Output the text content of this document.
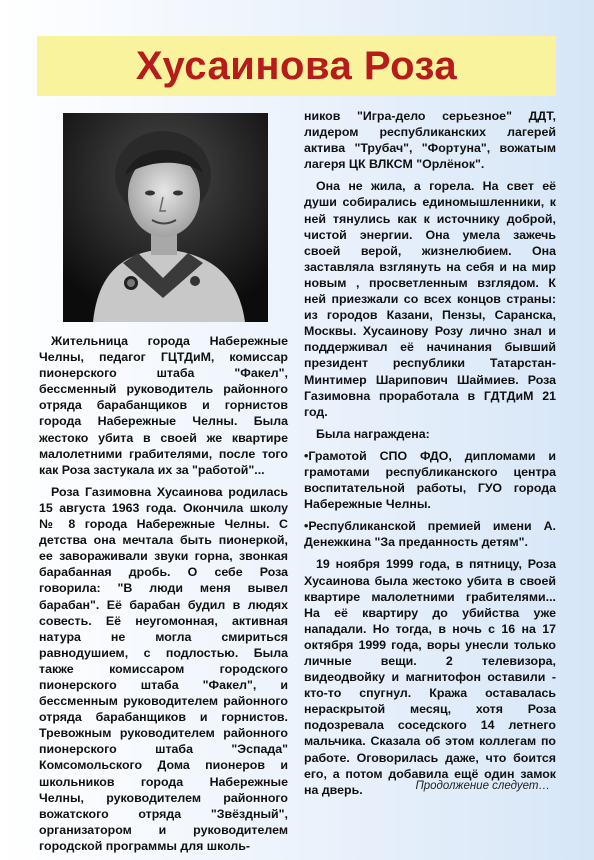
Хусаинова Роза

Жительница города Набережные Челны, педагог ГЦТДиМ, комиссар пионерского штаба "Факел", бессменный руководитель районного отряда барабанщиков и горнистов города Набережные Челны. Была жестоко убита в своей же квартире малолетними грабителями, после того как Роза застукала их за "работой"...

Роза Газимовна Хусаинова родилась 15 августа 1963 года. Окончила школу № 8 города Набережные Челны. С детства она мечтала быть пионеркой, ее завораживали звуки горна, звонкая барабанная дробь. О себе Роза говорила: "В люди меня вывел барабан". Её барабан будил в людях совесть. Её неугомонная, активная натура не могла смириться равнодушием, с подлостью. Была также комиссаром городского пионерского штаба "Факел", и бессменным руководителем районного отряда барабанщиков и горнистов. Тревожным руководителем районного пионерского штаба "Эспада" Комсомольского Дома пионеров и школьников города Набережные Челны, руководителем районного вожатского отряда "Звёздный", организатором и руководителем городской программы для школь-

ников "Игра-дело серьезное" ДДТ, лидером республиканских лагерей актива "Трубач", "Фортуна", вожатым лагеря ЦК ВЛКСМ "Орлёнок".

Она не жила, а горела. На свет её души собирались единомышленники, к ней тянулись как к источнику доброй, чистой энергии. Она умела зажечь своей верой, жизнелюбием. Она заставляла взглянуть на себя и на мир новым , просветленным взглядом. К ней приезжали со всех концов страны: из городов Казани, Пензы, Саранска, Москвы. Хусаинову Розу лично знал и поддерживал её начинания бывший президент республики Татарстан-Минтимер Шарипович Шаймиев. Роза Газимовна проработала в ГДТДиМ 21 год.

Была награждена:

•Грамотой СПО ФДО, дипломами и грамотами республиканского центра воспитательной работы, ГУО города Набережные Челны.

•Республиканской премией имени А. Денежкина "За преданность детям".

19 ноября 1999 года, в пятницу, Роза Хусаинова была жестоко убита в своей квартире малолетними грабителями... На её квартиру до убийства уже нападали. Но тогда, в ночь с 16 на 17 октября 1999 года, воры унесли только личные вещи. 2 телевизора, видеодвойку и магнитофон оставили - кто-то спугнул. Кража оставалась нераскрытой месяц, хотя Роза подозревала соседского 14 летнего мальчика. Сказала об этом коллегам по работе. Оговорилась даже, что боится его, а потом добавила ещё один замок на дверь.	Продолжение следует…
